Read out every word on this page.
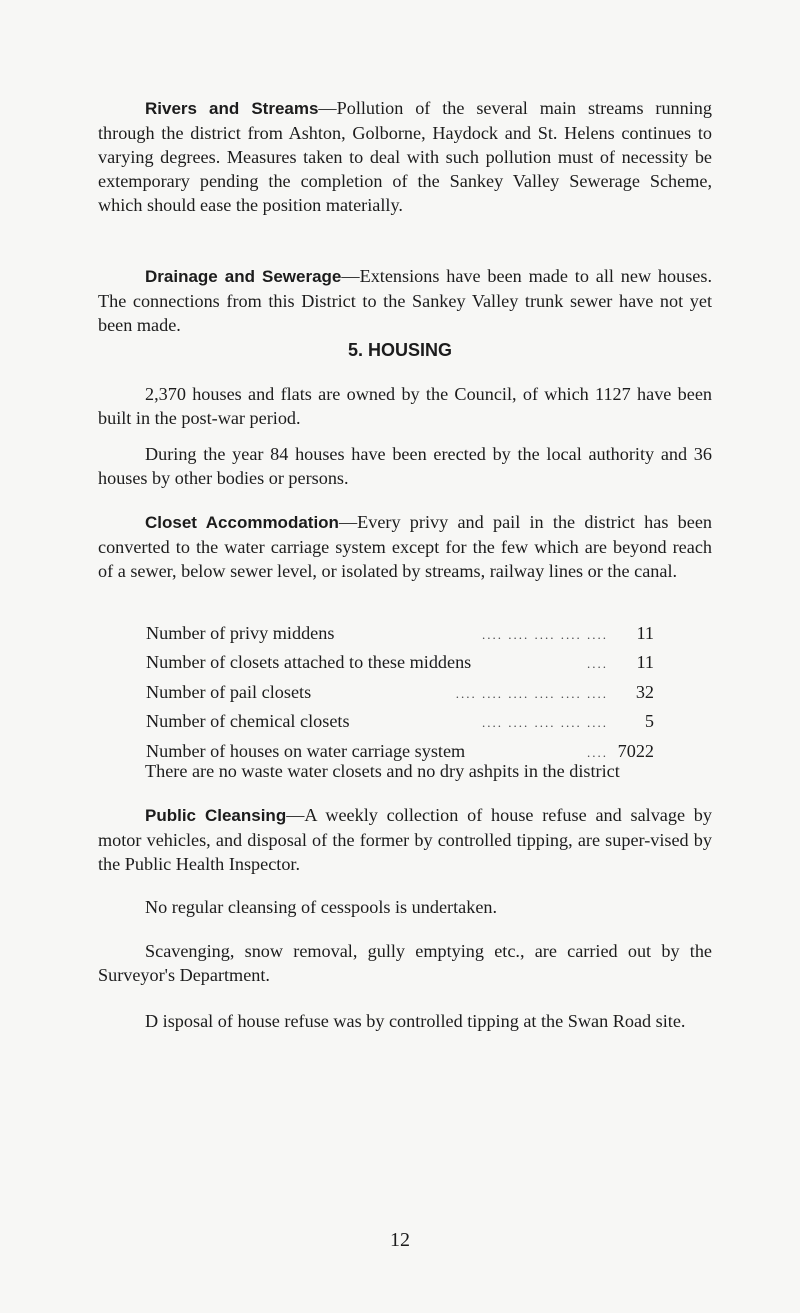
Rivers and Streams—Pollution of the several main streams running through the district from Ashton, Golborne, Haydock and St. Helens continues to varying degrees. Measures taken to deal with such pollution must of necessity be extemporary pending the completion of the Sankey Valley Sewerage Scheme, which should ease the position materially.

Drainage and Sewerage—Extensions have been made to all new houses. The connections from this District to the Sankey Valley trunk sewer have not yet been made.

5. HOUSING

2,370 houses and flats are owned by the Council, of which 1127 have been built in the post-war period.

During the year 84 houses have been erected by the local authority and 36 houses by other bodies or persons.

Closet Accommodation—Every privy and pail in the district has been converted to the water carriage system except for the few which are beyond reach of a sewer, below sewer level, or isolated by streams, railway lines or the canal.

Number of privy middens	.... .... .... .... ....	11
Number of closets attached to these middens	....	11
Number of pail closets	.... .... .... .... .... ....	32
Number of chemical closets	.... .... .... .... ....	5
Number of houses on water carriage system	.... 7022

There are no waste water closets and no dry ashpits in the district

Public Cleansing—A weekly collection of house refuse and salvage by motor vehicles, and disposal of the former by controlled tipping, are super-vised by the Public Health Inspector.

No regular cleansing of cesspools is undertaken.

Scavenging, snow removal, gully emptying etc., are carried out by the Surveyor's Department.

D isposal of house refuse was by controlled tipping at the Swan Road site.

12
